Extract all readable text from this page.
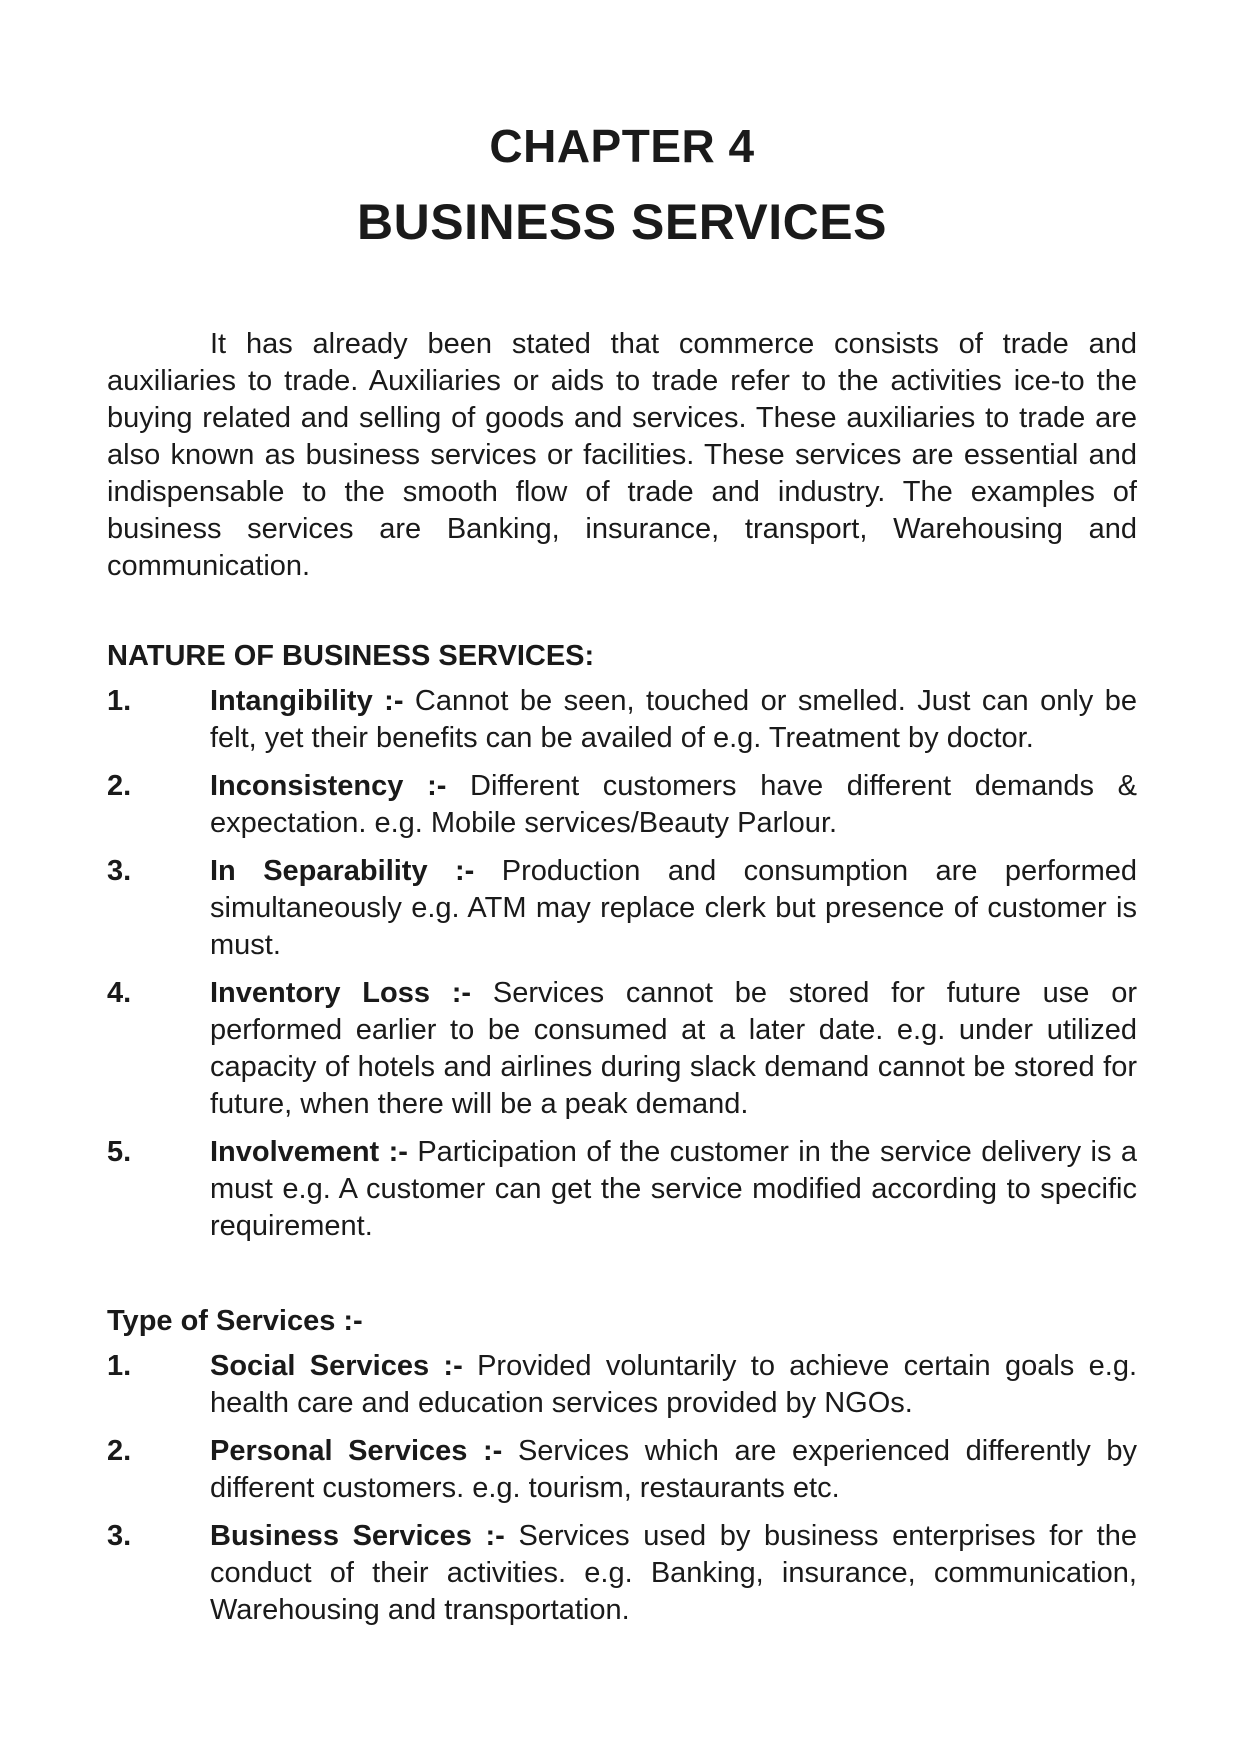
CHAPTER 4
BUSINESS SERVICES

It has already been stated that commerce consists of trade and auxiliaries to trade. Auxiliaries or aids to trade refer to the activities ice-to the buying related and selling of goods and services. These auxiliaries to trade are also known as business services or facilities. These services are essential and indispensable to the smooth flow of trade and industry. The examples of business services are Banking, insurance, transport, Warehousing and communication.

NATURE OF BUSINESS SERVICES:
1.	Intangibility :- Cannot be seen, touched or smelled. Just can only be felt, yet their benefits can be availed of e.g. Treatment by doctor.
2.	Inconsistency :- Different customers have different demands & expectation. e.g. Mobile services/Beauty Parlour.
3.	In Separability :- Production and consumption are performed simultaneously e.g. ATM may replace clerk but presence of customer is must.
4.	Inventory Loss :- Services cannot be stored for future use or performed earlier to be consumed at a later date. e.g. under utilized capacity of hotels and airlines during slack demand cannot be stored for future, when there will be a peak demand.
5.	Involvement :- Participation of the customer in the service delivery is a must e.g. A customer can get the service modified according to specific requirement.
Type of Services :-
1.	Social Services :- Provided voluntarily to achieve certain goals e.g. health care and education services provided by NGOs.
2.	Personal Services :- Services which are experienced differently by different customers. e.g. tourism, restaurants etc.
3.	Business Services :- Services used by business enterprises for the conduct of their activities. e.g. Banking, insurance, communication, Warehousing and transportation.
